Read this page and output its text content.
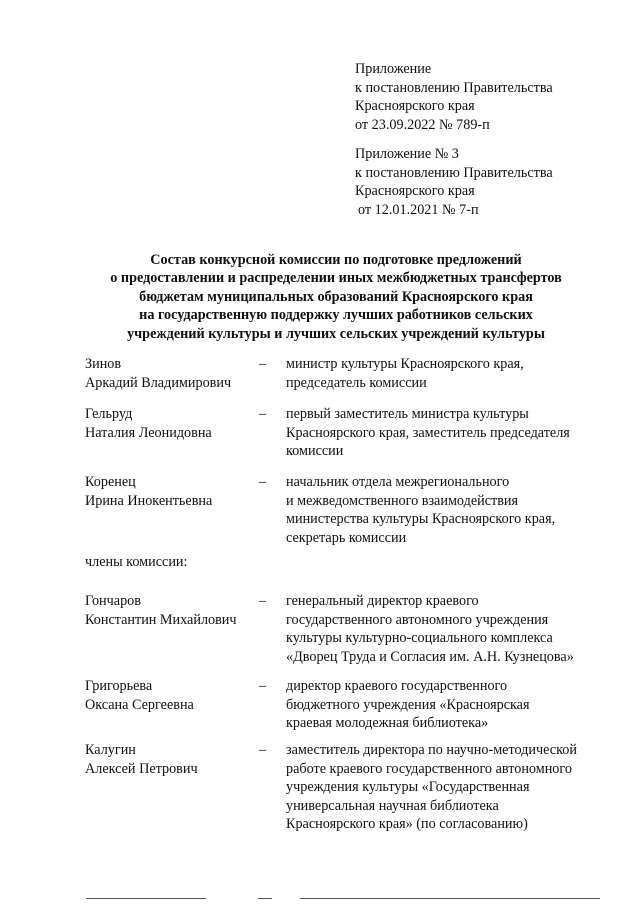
Приложение
к постановлению Правительства
Красноярского края
от 23.09.2022 № 789-п
Приложение № 3
к постановлению Правительства
Красноярского края
от 12.01.2021 № 7-п
Состав конкурсной комиссии по подготовке предложений
о предоставлении и распределении иных межбюджетных трансфертов
бюджетам муниципальных образований Красноярского края
на государственную поддержку лучших работников сельских
учреждений культуры и лучших сельских учреждений культуры
Зинов
Аркадий Владимирович
– министр культуры Красноярского края,
председатель комиссии
Гельруд
Наталия Леонидовна
– первый заместитель министра культуры
Красноярского края, заместитель председателя
комиссии
Коренец
Ирина Инокентьевна
– начальник отдела межрегионального
и межведомственного взаимодействия
министерства культуры Красноярского края,
секретарь комиссии
члены комиссии:
Гончаров
Константин Михайлович
– генеральный директор краевого
государственного автономного учреждения
культуры культурно-социального комплекса
«Дворец Труда и Согласия им. А.Н. Кузнецова»
Григорьева
Оксана Сергеевна
– директор краевого государственного
бюджетного учреждения «Красноярская
краевая молодежная библиотека»
Калугин
Алексей Петрович
– заместитель директора по научно-методической
работе краевого государственного автономного
учреждения культуры «Государственная
универсальная научная библиотека
Красноярского края» (по согласованию)
